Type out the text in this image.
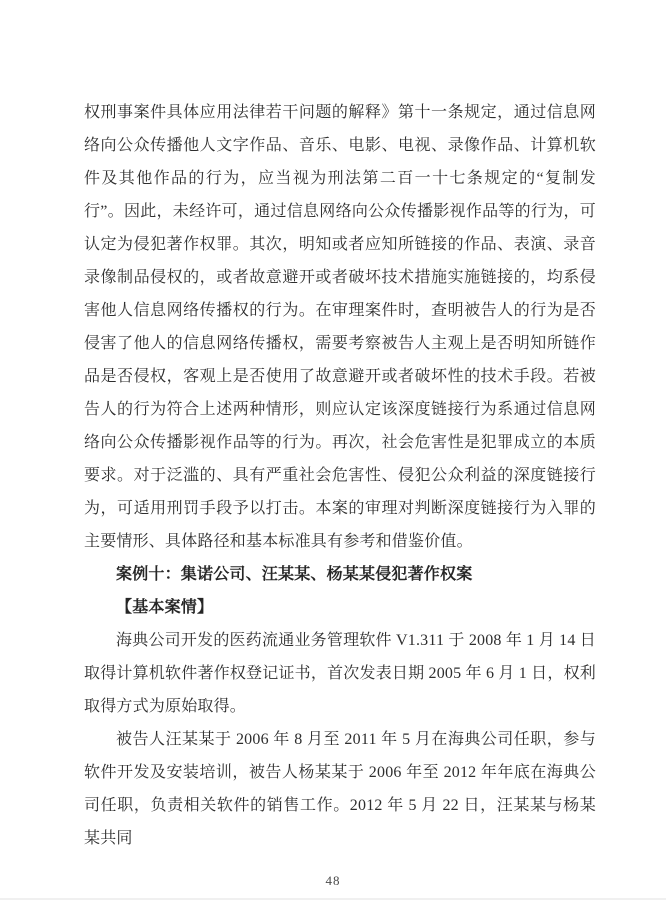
权刑事案件具体应用法律若干问题的解释》第十一条规定，通过信息网络向公众传播他人文字作品、音乐、电影、电视、录像作品、计算机软件及其他作品的行为，应当视为刑法第二百一十七条规定的“复制发行”。因此，未经许可，通过信息网络向公众传播影视作品等的行为，可认定为侵犯著作权罪。其次，明知或者应知所链接的作品、表演、录音录像制品侵权的，或者故意避开或者破坏技术措施实施链接的，均系侵害他人信息网络传播权的行为。在审理案件时，查明被告人的行为是否侵害了他人的信息网络传播权，需要考察被告人主观上是否明知所链作品是否侵权，客观上是否使用了故意避开或者破坏性的技术手段。若被告人的行为符合上述两种情形，则应认定该深度链接行为系通过信息网络向公众传播影视作品等的行为。再次，社会危害性是犯罪成立的本质要求。对于泛滥的、具有严重社会危害性、侵犯公众利益的深度链接行为，可适用刑罚手段予以打击。本案的审理对判断深度链接行为入罪的主要情形、具体路径和基本标准具有参考和借鉴价值。

案例十：集诺公司、汪某某、杨某某侵犯著作权案

【基本案情】

海典公司开发的医药流通业务管理软件 V1.311 于 2008 年 1 月 14 日取得计算机软件著作权登记证书，首次发表日期 2005 年 6 月 1 日，权利取得方式为原始取得。

被告人汪某某于 2006 年 8 月至 2011 年 5 月在海典公司任职，参与软件开发及安装培训，被告人杨某某于 2006 年至 2012 年年底在海典公司任职，负责相关软件的销售工作。2012 年 5 月 22 日，汪某某与杨某某共同

48
